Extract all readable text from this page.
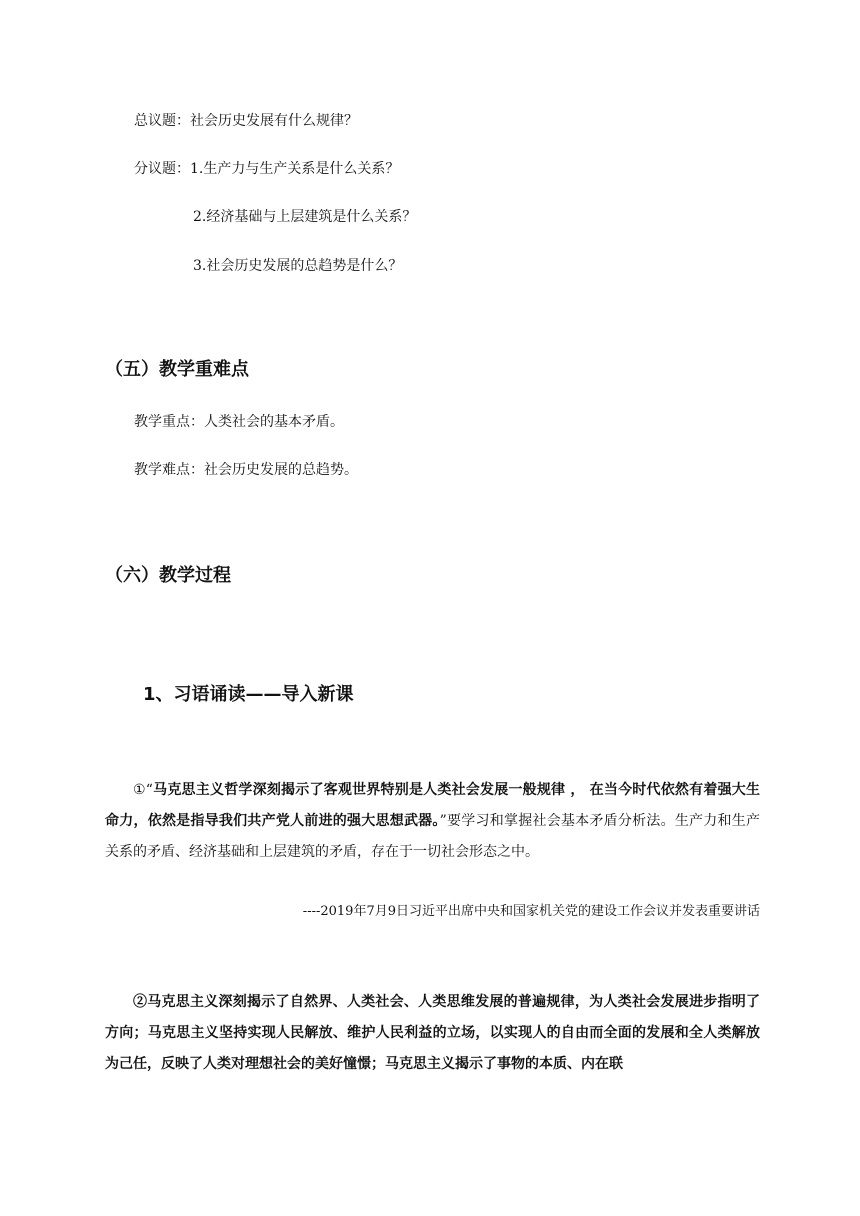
总议题：社会历史发展有什么规律？
分议题：1.生产力与生产关系是什么关系？
2.经济基础与上层建筑是什么关系？
3.社会历史发展的总趋势是什么？
（五）教学重难点
教学重点：人类社会的基本矛盾。
教学难点：社会历史发展的总趋势。
（六）教学过程
1、习语诵读——导入新课
①“马克思主义哲学深刻揭示了客观世界特别是人类社会发展一般规律 ， 在当今时代依然有着强大生命力，依然是指导我们共产党人前进的强大思想武器。”要学习和掌握社会基本矛盾分析法。生产力和生产关系的矛盾、经济基础和上层建筑的矛盾，存在于一切社会形态之中。
----2019年7月9日习近平出席中央和国家机关党的建设工作会议并发表重要讲话
②马克思主义深刻揭示了自然界、人类社会、人类思维发展的普遍规律，为人类社会发展进步指明了方向；马克思主义坚持实现人民解放、维护人民利益的立场，以实现人的自由而全面的发展和全人类解放为己任，反映了人类对理想社会的美好憧憬；马克思主义揭示了事物的本质、内在联
